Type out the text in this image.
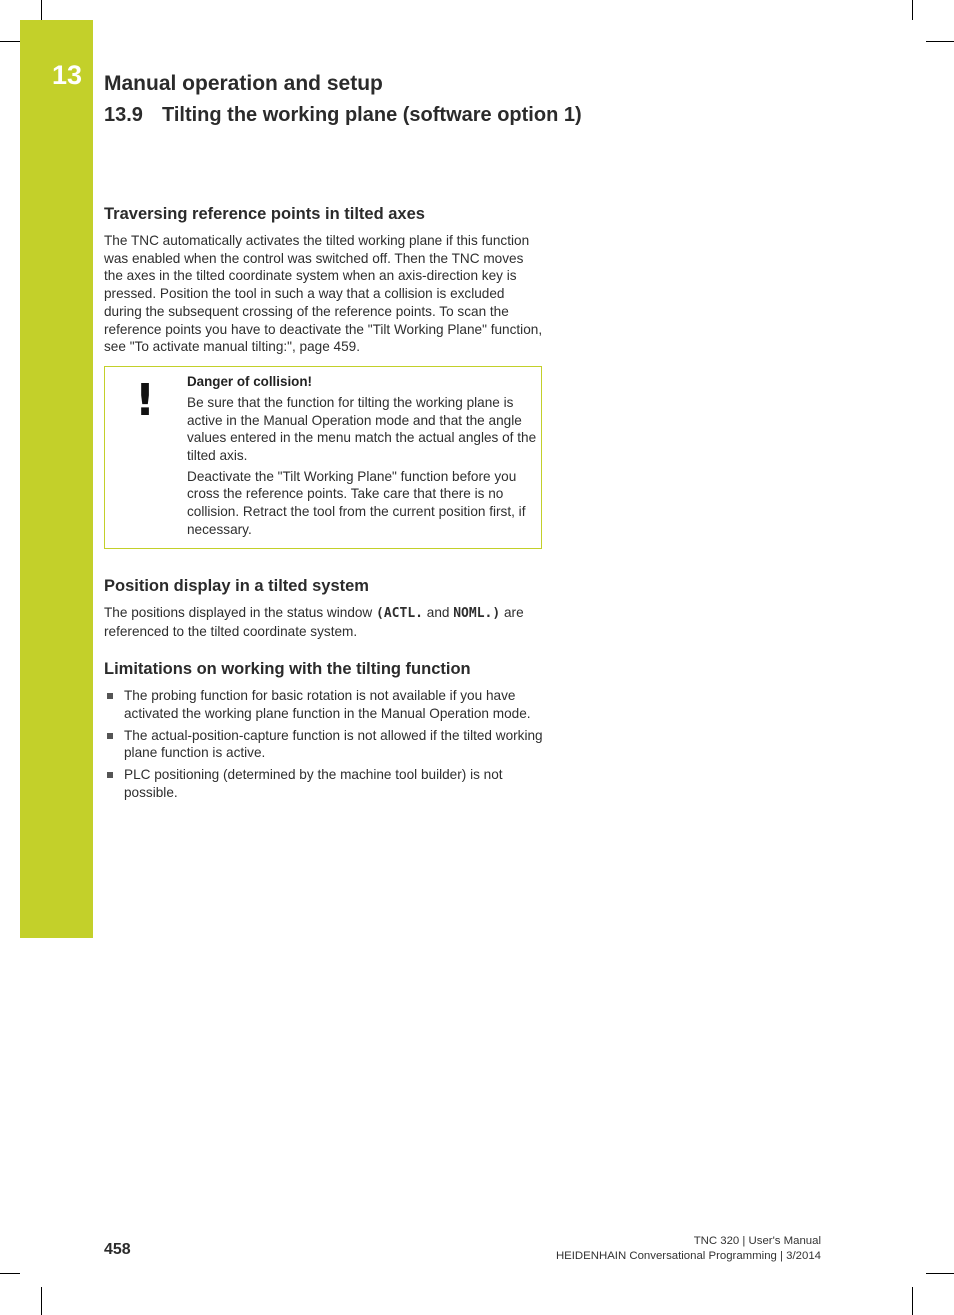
13	Manual operation and setup
13.9 Tilting the working plane (software option 1)
Traversing reference points in tilted axes

The TNC automatically activates the tilted working plane if this function was enabled when the control was switched off. Then the TNC moves the axes in the tilted coordinate system when an axis-direction key is pressed. Position the tool in such a way that a collision is excluded during the subsequent crossing of the reference points. To scan the reference points you have to deactivate the "Tilt Working Plane" function, see "To activate manual tilting:", page 459.

! Danger of collision!

Be sure that the function for tilting the working plane is active in the Manual Operation mode and that the angle values entered in the menu match the actual angles of the tilted axis.

Deactivate the "Tilt Working Plane" function before you cross the reference points. Take care that there is no collision. Retract the tool from the current position first, if necessary.

Position display in a tilted system

The positions displayed in the status window (ACTL. and NOML.) are referenced to the tilted coordinate system.

Limitations on working with the tilting function

The probing function for basic rotation is not available if you have activated the working plane function in the Manual Operation mode.

The actual-position-capture function is not allowed if the tilted working plane function is active.

PLC positioning (determined by the machine tool builder) is not possible.

458	TNC 320 | User's Manual
HEIDENHAIN Conversational Programming | 3/2014
